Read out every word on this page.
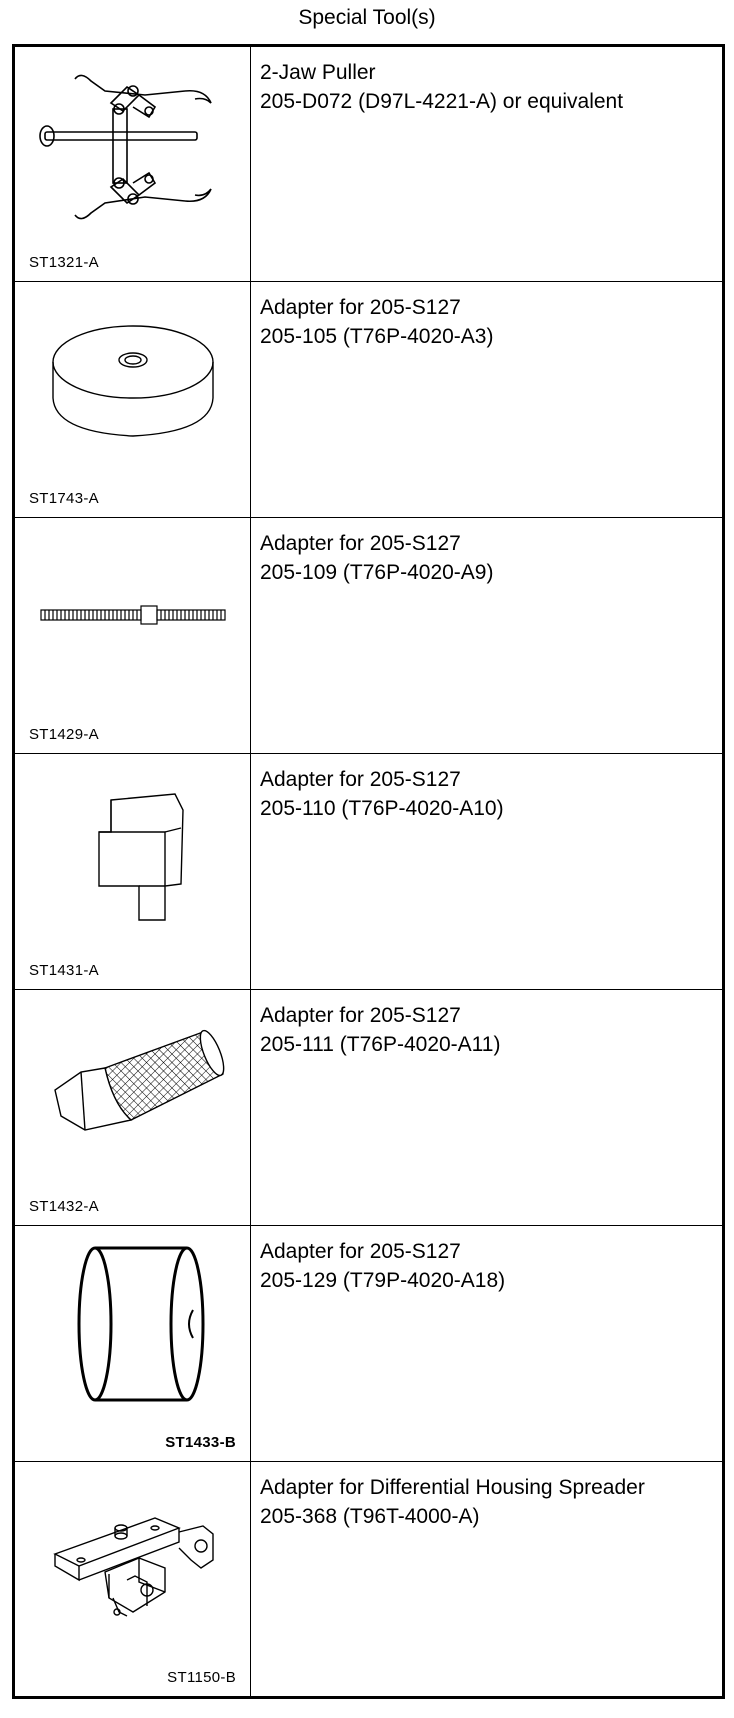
Special Tool(s)
ST1321-A	2-Jaw Puller
205-D072 (D97L-4221-A) or equivalent

ST1743-A	Adapter for 205-S127
205-105 (T76P-4020-A3)

ST1429-A	Adapter for 205-S127
205-109 (T76P-4020-A9)

ST1431-A	Adapter for 205-S127
205-110 (T76P-4020-A10)

ST1432-A	Adapter for 205-S127
205-111 (T76P-4020-A11)

ST1433-B	Adapter for 205-S127
205-129 (T79P-4020-A18)

ST1150-B	Adapter for Differential Housing Spreader
205-368 (T96T-4000-A)
